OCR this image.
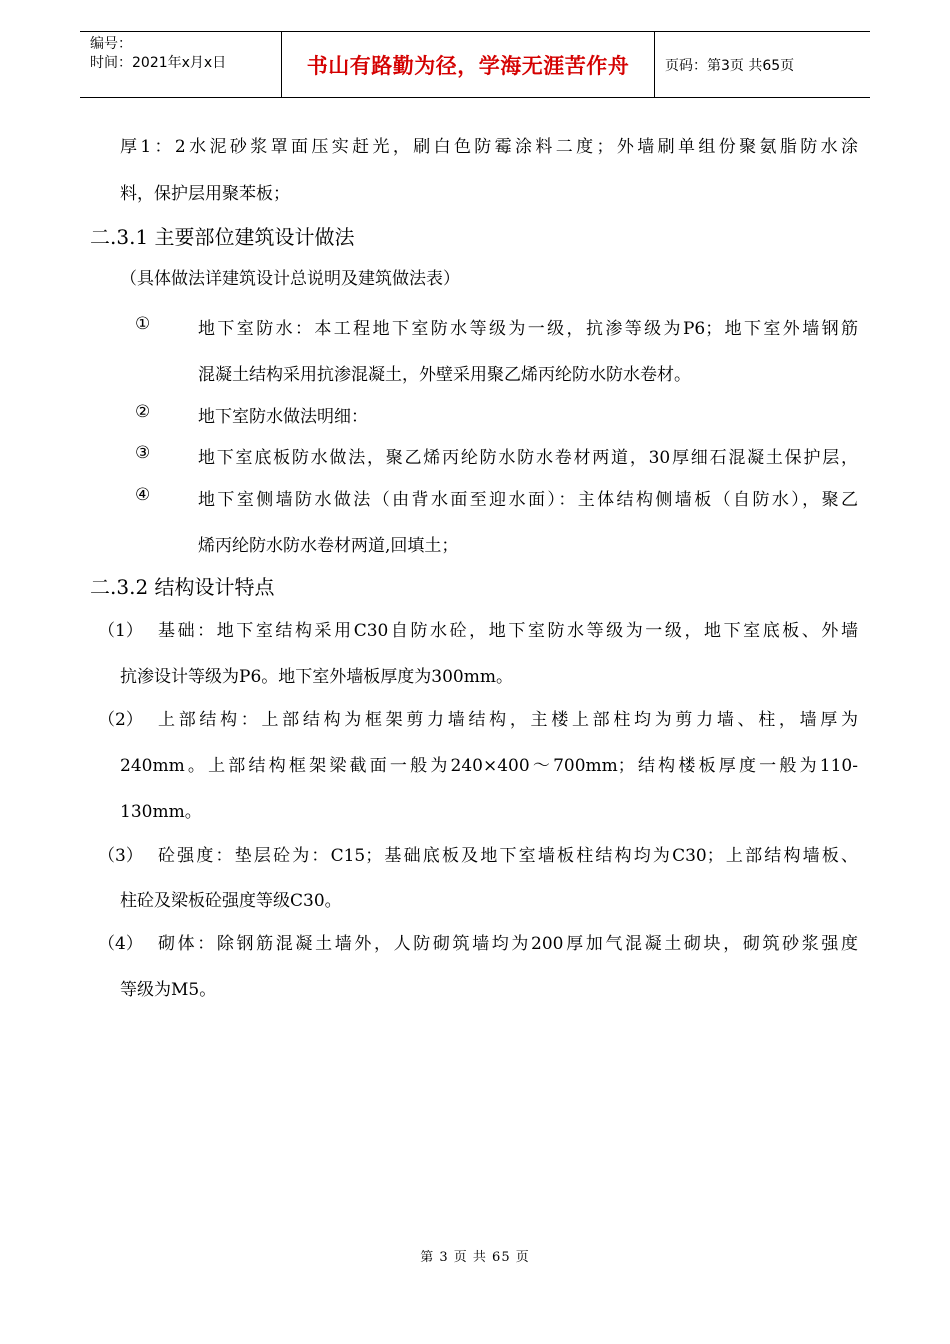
编号：
时间：2021年x月x日	书山有路勤为径，学海无涯苦作舟	页码：第3页 共65页
厚1：2水泥砂浆罩面压实赶光，刷白色防霉涂料二度；外墙刷单组份聚氨脂防水涂
料，保护层用聚苯板；
二.3.1 主要部位建筑设计做法
（具体做法详建筑设计总说明及建筑做法表）
①	地下室防水：本工程地下室防水等级为一级，抗渗等级为P6；地下室外墙钢筋
混凝土结构采用抗渗混凝土，外壁采用聚乙烯丙纶防水防水卷材。
②	地下室防水做法明细：
③	地下室底板防水做法，聚乙烯丙纶防水防水卷材两道，30厚细石混凝土保护层，
④	地下室侧墙防水做法（由背水面至迎水面）：主体结构侧墙板（自防水），聚乙
烯丙纶防水防水卷材两道,回填土；
二.3.2 结构设计特点
（1） 基础：地下室结构采用C30自防水砼，地下室防水等级为一级，地下室底板、外墙
抗渗设计等级为P6。地下室外墙板厚度为300mm。
（2） 上部结构：上部结构为框架剪力墙结构，主楼上部柱均为剪力墙、柱，墙厚为
240mm。上部结构框架梁截面一般为240×400～700mm；结构楼板厚度一般为110-
130mm。
（3） 砼强度：垫层砼为：C15；基础底板及地下室墙板柱结构均为C30；上部结构墙板、
柱砼及梁板砼强度等级C30。
（4） 砌体：除钢筋混凝土墙外，人防砌筑墙均为200厚加气混凝土砌块，砌筑砂浆强度
等级为M5。
第 3 页 共 65 页
